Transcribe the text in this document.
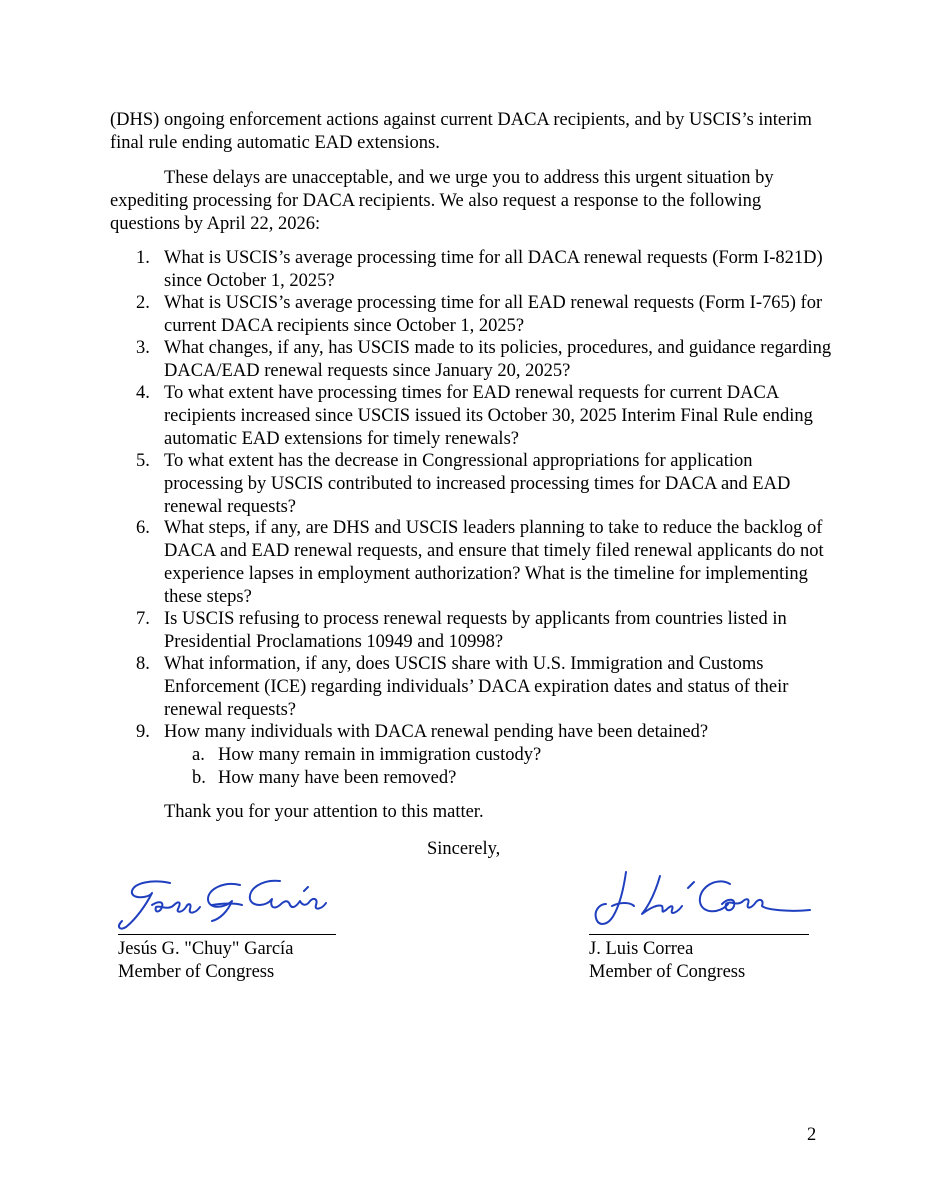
(DHS) ongoing enforcement actions against current DACA recipients, and by USCIS’s interim final rule ending automatic EAD extensions.

These delays are unacceptable, and we urge you to address this urgent situation by expediting processing for DACA recipients. We also request a response to the following questions by April 22, 2026:

1. What is USCIS’s average processing time for all DACA renewal requests (Form I-821D) since October 1, 2025?
2. What is USCIS’s average processing time for all EAD renewal requests (Form I-765) for current DACA recipients since October 1, 2025?
3. What changes, if any, has USCIS made to its policies, procedures, and guidance regarding DACA/EAD renewal requests since January 20, 2025?
4. To what extent have processing times for EAD renewal requests for current DACA recipients increased since USCIS issued its October 30, 2025 Interim Final Rule ending automatic EAD extensions for timely renewals?
5. To what extent has the decrease in Congressional appropriations for application processing by USCIS contributed to increased processing times for DACA and EAD renewal requests?
6. What steps, if any, are DHS and USCIS leaders planning to take to reduce the backlog of DACA and EAD renewal requests, and ensure that timely filed renewal applicants do not experience lapses in employment authorization? What is the timeline for implementing these steps?
7. Is USCIS refusing to process renewal requests by applicants from countries listed in Presidential Proclamations 10949 and 10998?
8. What information, if any, does USCIS share with U.S. Immigration and Customs Enforcement (ICE) regarding individuals’ DACA expiration dates and status of their renewal requests?
9. How many individuals with DACA renewal pending have been detained?
a. How many remain in immigration custody?
b. How many have been removed?
Thank you for your attention to this matter.
Sincerely,
Jesús G. "Chuy" García
Member of Congress
J. Luis Correa
Member of Congress
2
